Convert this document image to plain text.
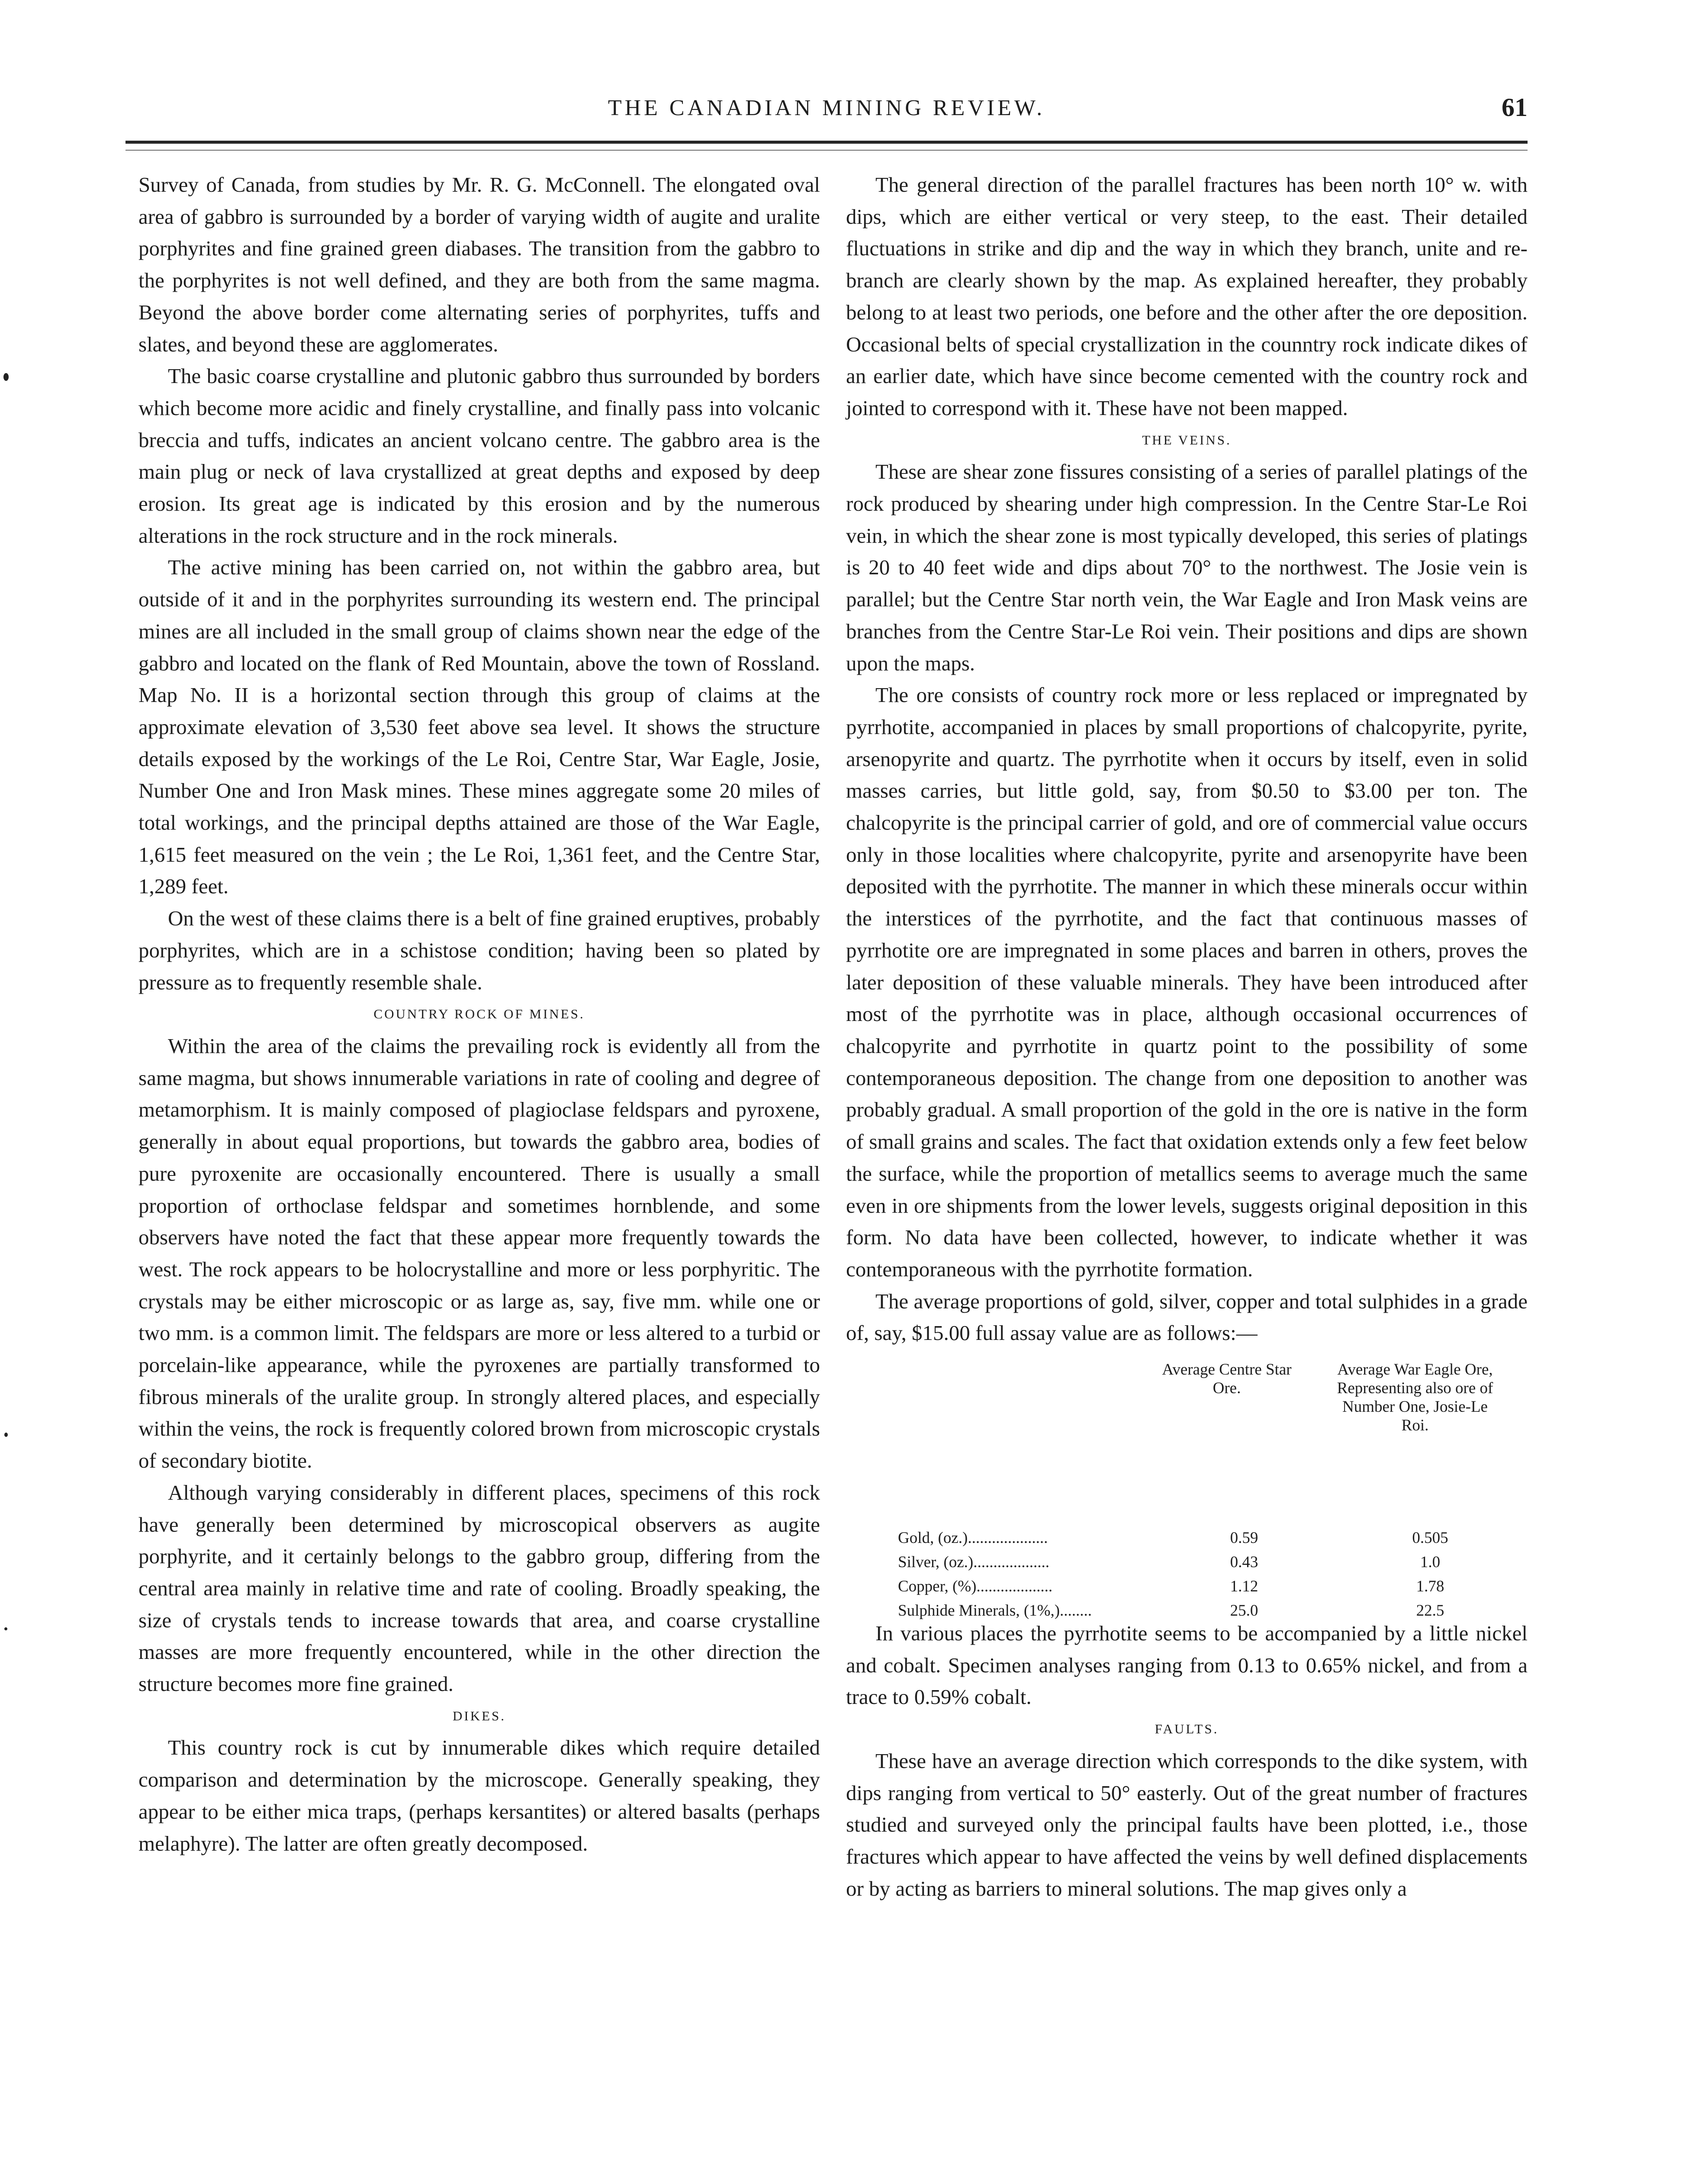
THE CANADIAN MINING REVIEW.	61

Survey of Canada, from studies by Mr. R. G. McConnell. The elongated oval area of gabbro is surrounded by a border of varying width of augite and uralite porphyrites and fine grained green diabases. The transition from the gabbro to the porphyrites is not well defined, and they are both from the same magma. Beyond the above border come alternating series of porphyrites, tuffs and slates, and beyond these are agglomerates.

The basic coarse crystalline and plutonic gabbro thus surrounded by borders which become more acidic and finely crystalline, and finally pass into volcanic breccia and tuffs, indicates an ancient volcano centre. The gabbro area is the main plug or neck of lava crystallized at great depths and exposed by deep erosion. Its great age is indicated by this erosion and by the numerous alterations in the rock structure and in the rock minerals.

The active mining has been carried on, not within the gabbro area, but outside of it and in the porphyrites surrounding its western end. The principal mines are all included in the small group of claims shown near the edge of the gabbro and located on the flank of Red Mountain, above the town of Rossland. Map No. II is a horizontal section through this group of claims at the approximate elevation of 3,530 feet above sea level. It shows the structure details exposed by the workings of the Le Roi, Centre Star, War Eagle, Josie, Number One and Iron Mask mines. These mines aggregate some 20 miles of total workings, and the principal depths attained are those of the War Eagle, 1,615 feet measured on the vein ; the Le Roi, 1,361 feet, and the Centre Star, 1,289 feet.

On the west of these claims there is a belt of fine grained eruptives, probably porphyrites, which are in a schistose condition; having been so plated by pressure as to frequently resemble shale.

COUNTRY ROCK OF MINES.

Within the area of the claims the prevailing rock is evidently all from the same magma, but shows innumerable variations in rate of cooling and degree of metamorphism. It is mainly composed of plagioclase feldspars and pyroxene, generally in about equal proportions, but towards the gabbro area, bodies of pure pyroxenite are occasionally encountered. There is usually a small proportion of orthoclase feldspar and sometimes hornblende, and some observers have noted the fact that these appear more frequently towards the west. The rock appears to be holocrystalline and more or less porphyritic. The crystals may be either microscopic or as large as, say, five mm. while one or two mm. is a common limit. The feldspars are more or less altered to a turbid or porcelain-like appearance, while the pyroxenes are partially transformed to fibrous minerals of the uralite group. In strongly altered places, and especially within the veins, the rock is frequently colored brown from microscopic crystals of secondary biotite.

Although varying considerably in different places, specimens of this rock have generally been determined by microscopical observers as augite porphyrite, and it certainly belongs to the gabbro group, differing from the central area mainly in relative time and rate of cooling. Broadly speaking, the size of crystals tends to increase towards that area, and coarse crystalline masses are more frequently encountered, while in the other direction the structure becomes more fine grained.

DIKES.

This country rock is cut by innumerable dikes which require detailed comparison and determination by the microscope. Generally speaking, they appear to be either mica traps, (perhaps kersantites) or altered basalts (perhaps melaphyre). The latter are often greatly decomposed.

The general direction of the parallel fractures has been north 10° w. with dips, which are either vertical or very steep, to the east. Their detailed fluctuations in strike and dip and the way in which they branch, unite and re-branch are clearly shown by the map. As explained hereafter, they probably belong to at least two periods, one before and the other after the ore deposition. Occasional belts of special crystallization in the counntry rock indicate dikes of an earlier date, which have since become cemented with the country rock and jointed to correspond with it. These have not been mapped.

THE VEINS.

These are shear zone fissures consisting of a series of parallel platings of the rock produced by shearing under high compression. In the Centre Star-Le Roi vein, in which the shear zone is most typically developed, this series of platings is 20 to 40 feet wide and dips about 70° to the northwest. The Josie vein is parallel; but the Centre Star north vein, the War Eagle and Iron Mask veins are branches from the Centre Star-Le Roi vein. Their positions and dips are shown upon the maps.

The ore consists of country rock more or less replaced or impregnated by pyrrhotite, accompanied in places by small proportions of chalcopyrite, pyrite, arsenopyrite and quartz. The pyrrhotite when it occurs by itself, even in solid masses carries, but little gold, say, from $0.50 to $3.00 per ton. The chalcopyrite is the principal carrier of gold, and ore of commercial value occurs only in those localities where chalcopyrite, pyrite and arsenopyrite have been deposited with the pyrrhotite. The manner in which these minerals occur within the interstices of the pyrrhotite, and the fact that continuous masses of pyrrhotite ore are impregnated in some places and barren in others, proves the later deposition of these valuable minerals. They have been introduced after most of the pyrrhotite was in place, although occasional occurrences of chalcopyrite and pyrrhotite in quartz point to the possibility of some contemporaneous deposition. The change from one deposition to another was probably gradual. A small proportion of the gold in the ore is native in the form of small grains and scales. The fact that oxidation extends only a few feet below the surface, while the proportion of metallics seems to average much the same even in ore shipments from the lower levels, suggests original deposition in this form. No data have been collected, however, to indicate whether it was contemporaneous with the pyrrhotite formation.

The average proportions of gold, silver, copper and total sulphides in a grade of, say, $15.00 full assay value are as follows:—

Average Centre Star Ore.
Average War Eagle Ore, Representing also ore of Number One, Josie-Le Roi.
Gold, (oz.)....................	0.59	0.505
Silver, (oz.)...................	0.43	1.0
Copper, (%)...................	1.12	1.78
Sulphide Minerals, (1%,)........	25.0	22.5

In various places the pyrrhotite seems to be accompanied by a little nickel and cobalt. Specimen analyses ranging from 0.13 to 0.65% nickel, and from a trace to 0.59% cobalt.

FAULTS.

These have an average direction which corresponds to the dike system, with dips ranging from vertical to 50° easterly. Out of the great number of fractures studied and surveyed only the principal faults have been plotted, i.e., those fractures which appear to have affected the veins by well defined displacements or by acting as barriers to mineral solutions. The map gives only a
